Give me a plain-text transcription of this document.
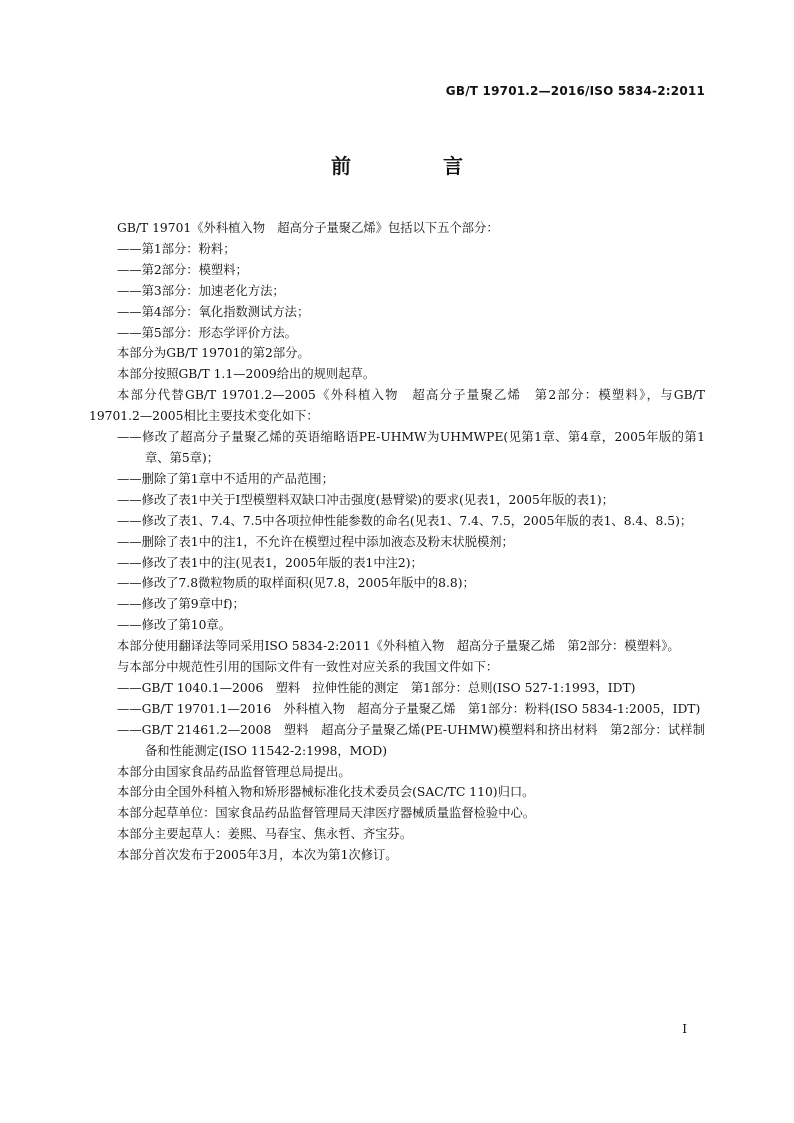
GB/T 19701.2—2016/ISO 5834-2:2011
前　言

GB/T 19701《外科植入物　超高分子量聚乙烯》包括以下五个部分：

——第1部分：粉料；

——第2部分：模塑料；

——第3部分：加速老化方法；

——第4部分：氧化指数测试方法；

——第5部分：形态学评价方法。

本部分为GB/T 19701的第2部分。

本部分按照GB/T 1.1—2009给出的规则起草。

本部分代替GB/T 19701.2—2005《外科植入物　超高分子量聚乙烯　第2部分：模塑料》，与GB/T 19701.2—2005相比主要技术变化如下：

——修改了超高分子量聚乙烯的英语缩略语PE-UHMW为UHMWPE(见第1章、第4章，2005年版的第1章、第5章)；

——删除了第1章中不适用的产品范围；

——修改了表1中关于Ⅰ型模塑料双缺口冲击强度(悬臂梁)的要求(见表1，2005年版的表1)；

——修改了表1、7.4、7.5中各项拉伸性能参数的命名(见表1、7.4、7.5，2005年版的表1、8.4、8.5)；

——删除了表1中的注1，不允许在模塑过程中添加液态及粉末状脱模剂；

——修改了表1中的注(见表1，2005年版的表1中注2)；

——修改了7.8微粒物质的取样面积(见7.8，2005年版中的8.8)；

——修改了第9章中f)；

——修改了第10章。

本部分使用翻译法等同采用ISO 5834-2:2011《外科植入物　超高分子量聚乙烯　第2部分：模塑料》。

与本部分中规范性引用的国际文件有一致性对应关系的我国文件如下：

——GB/T 1040.1—2006　塑料　拉伸性能的测定　第1部分：总则(ISO 527-1:1993，IDT)

——GB/T 19701.1—2016　外科植入物　超高分子量聚乙烯　第1部分：粉料(ISO 5834-1:2005，IDT)

——GB/T 21461.2—2008　塑料　超高分子量聚乙烯(PE-UHMW)模塑料和挤出材料　第2部分：试样制备和性能测定(ISO 11542-2:1998，MOD)

本部分由国家食品药品监督管理总局提出。

本部分由全国外科植入物和矫形器械标准化技术委员会(SAC/TC 110)归口。

本部分起草单位：国家食品药品监督管理局天津医疗器械质量监督检验中心。

本部分主要起草人：姜熙、马春宝、焦永哲、齐宝芬。

本部分首次发布于2005年3月，本次为第1次修订。

I
